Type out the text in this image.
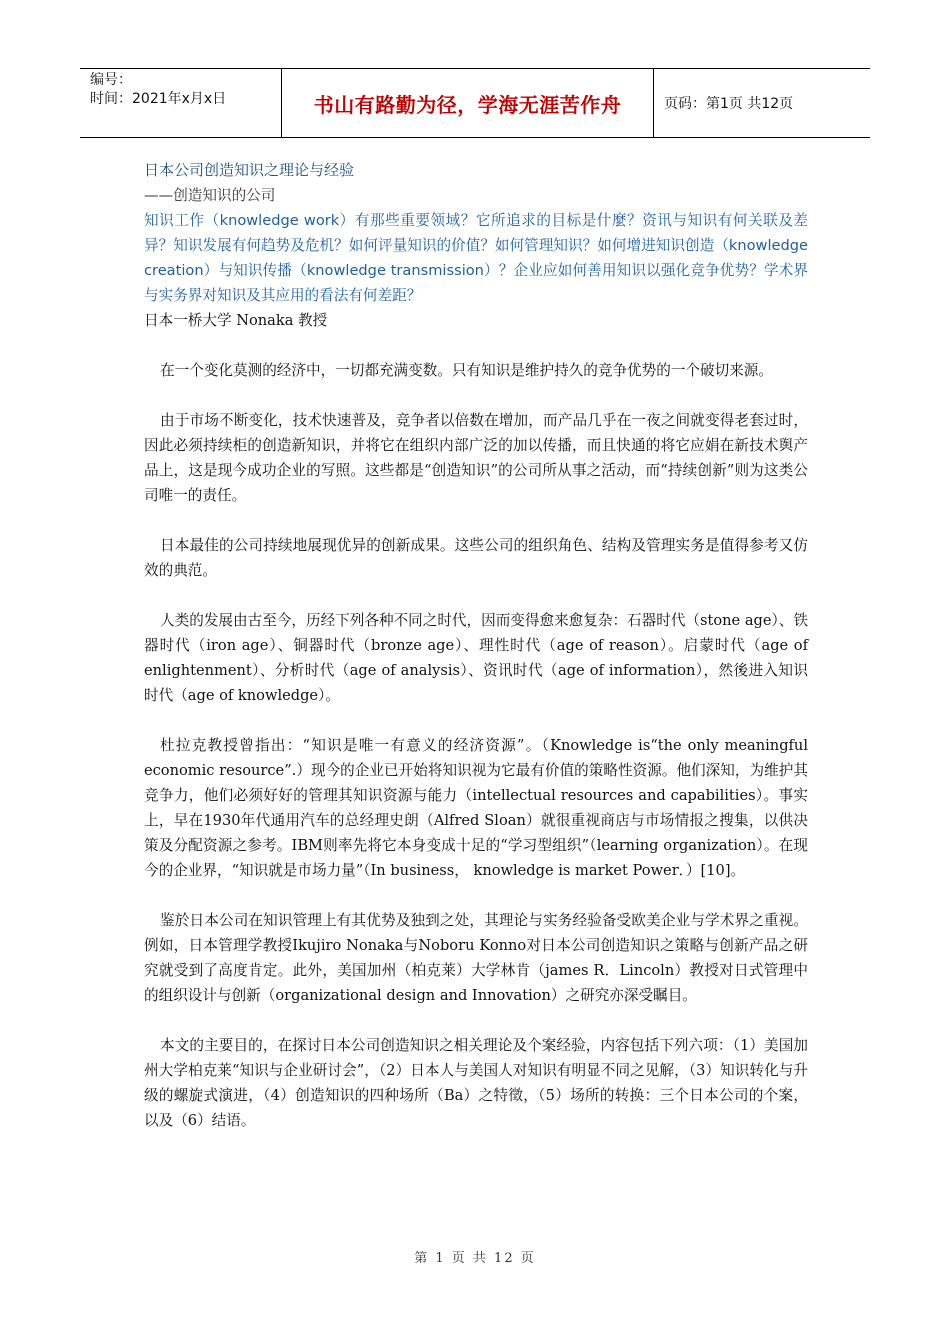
编号：
时间：2021年x月x日	书山有路勤为径，学海无涯苦作舟	页码：第1页 共12页
日本公司创造知识之理论与经验
——创造知识的公司
知识工作（knowledge work）有那些重要领域？它所追求的目标是什麼？资讯与知识有何关联及差异？知识发展有何趋势及危机？如何评量知识的价值？如何管理知识？如何增进知识创造（knowledge creation）与知识传播（knowledge transmission）？企业应如何善用知识以强化竞争优势？学术界与实务界对知识及其应用的看法有何差距？
日本一桥大学 Nonaka 教授

在一个变化莫测的经济中，一切都充满变数。只有知识是维护持久的竞争优势的一个破切来源。

由于市场不断变化，技术快速普及，竞争者以倍数在增加，而产品几乎在一夜之间就变得老套过时，因此必须持续柜的创造新知识，并将它在组织内部广泛的加以传播，而且快通的将它应娟在新技术舆产品上，这是现今成功企业的写照。这些都是“创造知识”的公司所从事之活动，而“持续创新”则为这类公司唯一的责任。

日本最佳的公司持续地展现优异的创新成果。这些公司的组织角色、结构及管理实务是值得参考又仿效的典范。

人类的发展由古至今，历经下列各种不同之时代，因而变得愈来愈复杂：石器时代（stone age）、铁器时代（iron age）、铜器时代（bronze age）、理性时代（age of reason）。启蒙时代（age of enlightenment）、分析时代（age of analysis）、资讯时代（age of information），然後进入知识时代（age of knowledge）。

杜拉克教授曾指出：“知识是唯一有意义的经济资源”。（Knowledge is“the only meaningful economic resource”.）现今的企业已开始将知识视为它最有价值的策略性资源。他们深知，为维护其竞争力，他们必须好好的管理其知识资源与能力（intellectual resources and capabilities）。事实上，早在1930年代通用汽车的总经理史朗（Alfred Sloan）就很重视商店与市场情报之搜集，以供决策及分配资源之参考。IBM则率先将它本身变成十足的“学习型组织”（learning organization）。在现今的企业界，“知识就是市场力量”（In business， knowledge is market Power．）[10]。

鉴於日本公司在知识管理上有其优势及独到之处，其理论与实务经验备受欧美企业与学术界之重视。例如，日本管理学教授Ikujiro Nonaka与Noboru Konno对日本公司创造知识之策略与创新产品之研究就受到了高度肯定。此外，美国加州（柏克莱）大学林肯（james R．Lincoln）教授对日式管理中的组织设计与创新（organizational design and Innovation）之研究亦深受瞩目。

本文的主要目的，在探讨日本公司创造知识之相关理论及个案经验，内容包括下列六项：（1）美国加州大学柏克莱“知识与企业研讨会”，（2）日本人与美国人对知识有明显不同之见解，（3）知识转化与升级的螺旋式演进，（4）创造知识的四种场所（Ba）之特徵，（5）场所的转换：三个日本公司的个案，以及（6）结语。

第 1 页 共 12 页
